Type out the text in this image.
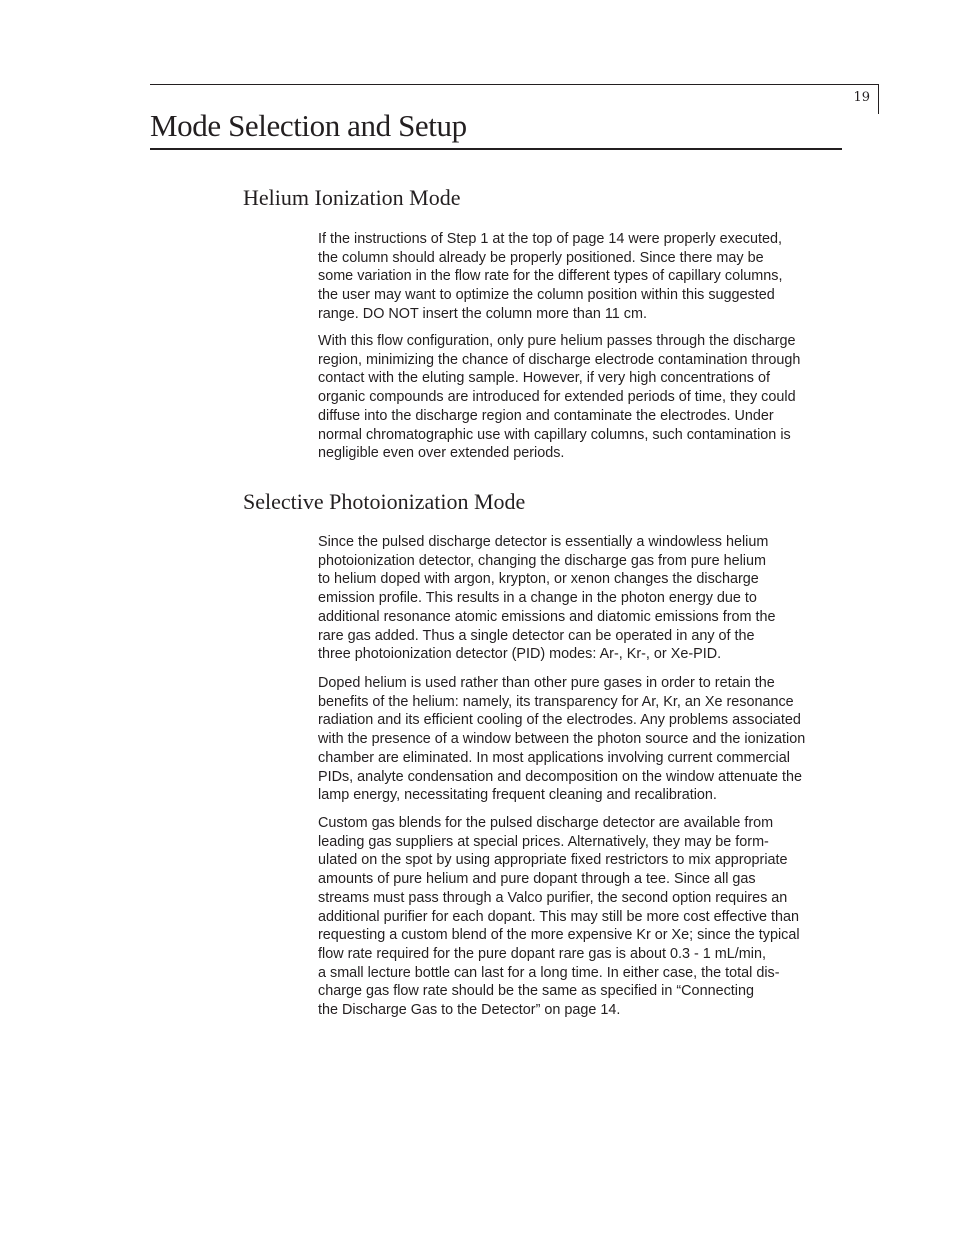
19
Mode Selection and Setup
Helium Ionization Mode
If the instructions of Step 1 at the top of page 14 were properly executed,
the column should already be properly positioned. Since there may be
some variation in the flow rate for the different types of capillary columns,
the user may want to optimize the column position within this suggested
range. DO NOT insert the column more than 11 cm.
With this flow configuration, only pure helium passes through the discharge
region, minimizing the chance of discharge electrode contamination through
contact with the eluting sample. However, if very high concentrations of
organic compounds are introduced for extended periods of time, they could
diffuse into the discharge region and contaminate the electrodes. Under
normal chromatographic use with capillary columns, such contamination is
negligible even over extended periods.
Selective Photoionization Mode
Since the pulsed discharge detector is essentially a windowless helium
photoionization detector, changing the discharge gas from pure helium
to helium doped with argon, krypton, or xenon changes the discharge
emission profile. This results in a change in the photon energy due to
additional resonance atomic emissions and diatomic emissions from the
rare gas added. Thus a single detector can be operated in any of the
three photoionization detector (PID) modes: Ar-, Kr-, or Xe-PID.
Doped helium is used rather than other pure gases in order to retain the
benefits of the helium: namely, its transparency for Ar, Kr, an Xe resonance
radiation and its efficient cooling of the electrodes. Any problems associated
with the presence of a window between the photon source and the ionization
chamber are eliminated. In most applications involving current commercial
PIDs, analyte condensation and decomposition on the window attenuate the
lamp energy, necessitating frequent cleaning and recalibration.
Custom gas blends for the pulsed discharge detector are available from
leading gas suppliers at special prices. Alternatively, they may be form-
ulated on the spot by using appropriate fixed restrictors to mix appropriate
amounts of pure helium and pure dopant through a tee. Since all gas
streams must pass through a Valco purifier, the second option requires an
additional purifier for each dopant. This may still be more cost effective than
requesting a custom blend of the more expensive Kr or Xe; since the typical
flow rate required for the pure dopant rare gas is about 0.3 - 1 mL/min,
a small lecture bottle can last for a long time. In either case, the total dis-
charge gas flow rate should be the same as specified in “Connecting
the Discharge Gas to the Detector” on page 14.
